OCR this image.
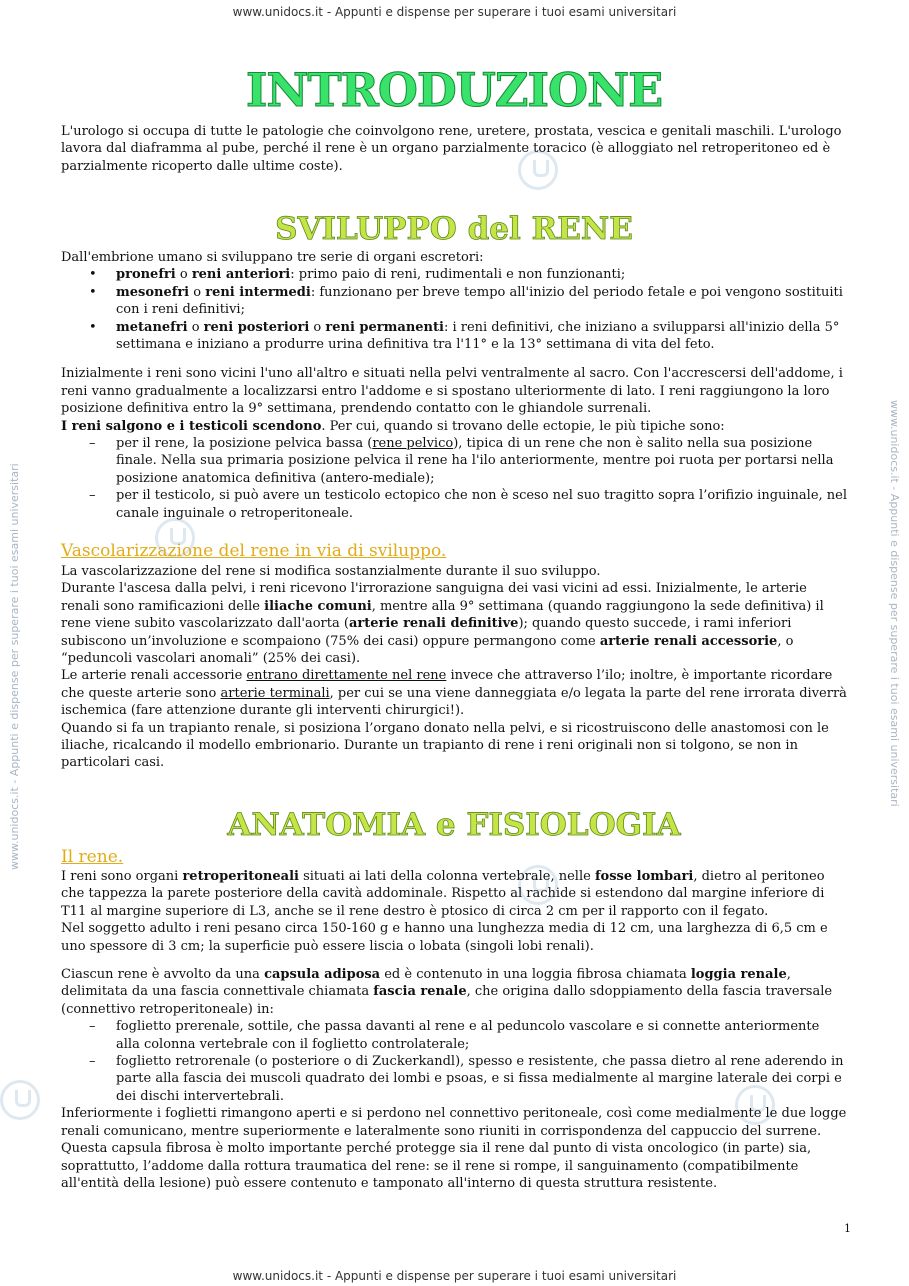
www.unidocs.it - Appunti e dispense per superare i tuoi esami universitari
www.unidocs.it - Appunti e dispense per superare i tuoi esami universitari
www.unidocs.it - Appunti e dispense per superare i tuoi esami universitari	www.unidocs.it - Appunti e dispense per superare i tuoi esami universitari
INTRODUZIONE

L'urologo si occupa di tutte le patologie che coinvolgono rene, uretere, prostata, vescica e genitali maschili. L'urologo lavora dal diaframma al pube, perché il rene è un organo parzialmente toracico (è alloggiato nel retroperitoneo ed è parzialmente ricoperto dalle ultime coste).

SVILUPPO del RENE

Dall'embrione umano si sviluppano tre serie di organi escretori:

• pronefri o reni anteriori: primo paio di reni, rudimentali e non funzionanti;
• mesonefri o reni intermedi: funzionano per breve tempo all'inizio del periodo fetale e poi vengono sostituiti con i reni definitivi;
• metanefri o reni posteriori o reni permanenti: i reni definitivi, che iniziano a svilupparsi all'inizio della 5° settimana e iniziano a produrre urina definitiva tra l'11° e la 13° settimana di vita del feto.

Inizialmente i reni sono vicini l'uno all'altro e situati nella pelvi ventralmente al sacro. Con l'accrescersi dell'addome, i reni vanno gradualmente a localizzarsi entro l'addome e si spostano ulteriormente di lato. I reni raggiungono la loro posizione definitiva entro la 9° settimana, prendendo contatto con le ghiandole surrenali.

I reni salgono e i testicoli scendono. Per cui, quando si trovano delle ectopie, le più tipiche sono:

– per il rene, la posizione pelvica bassa (rene pelvico), tipica di un rene che non è salito nella sua posizione finale. Nella sua primaria posizione pelvica il rene ha l'ilo anteriormente, mentre poi ruota per portarsi nella posizione anatomica definitiva (antero-mediale);
– per il testicolo, si può avere un testicolo ectopico che non è sceso nel suo tragitto sopra l’orifizio inguinale, nel canale inguinale o retroperitoneale.
Vascolarizzazione del rene in via di sviluppo.

La vascolarizzazione del rene si modifica sostanzialmente durante il suo sviluppo.

Durante l'ascesa dalla pelvi, i reni ricevono l'irrorazione sanguigna dei vasi vicini ad essi. Inizialmente, le arterie renali sono ramificazioni delle iliache comuni, mentre alla 9° settimana (quando raggiungono la sede definitiva) il rene viene subito vascolarizzato dall'aorta (arterie renali definitive); quando questo succede, i rami inferiori subiscono un’involuzione e scompaiono (75% dei casi) oppure permangono come arterie renali accessorie, o “peduncoli vascolari anomali” (25% dei casi).

Le arterie renali accessorie entrano direttamente nel rene invece che attraverso l’ilo; inoltre, è importante ricordare che queste arterie sono arterie terminali, per cui se una viene danneggiata e/o legata la parte del rene irrorata diverrà ischemica (fare attenzione durante gli interventi chirurgici!).

Quando si fa un trapianto renale, si posiziona l’organo donato nella pelvi, e si ricostruiscono delle anastomosi con le iliache, ricalcando il modello embrionario. Durante un trapianto di rene i reni originali non si tolgono, se non in particolari casi.

ANATOMIA e FISIOLOGIA
Il rene.

I reni sono organi retroperitoneali situati ai lati della colonna vertebrale, nelle fosse lombari, dietro al peritoneo che tappezza la parete posteriore della cavità addominale. Rispetto al rachide si estendono dal margine inferiore di T11 al margine superiore di L3, anche se il rene destro è ptosico di circa 2 cm per il rapporto con il fegato.

Nel soggetto adulto i reni pesano circa 150-160 g e hanno una lunghezza media di 12 cm, una larghezza di 6,5 cm e uno spessore di 3 cm; la superficie può essere liscia o lobata (singoli lobi renali).

Ciascun rene è avvolto da una capsula adiposa ed è contenuto in una loggia fibrosa chiamata loggia renale, delimitata da una fascia connettivale chiamata fascia renale, che origina dallo sdoppiamento della fascia traversale (connettivo retroperitoneale) in:

– foglietto prerenale, sottile, che passa davanti al rene e al peduncolo vascolare e si connette anteriormente alla colonna vertebrale con il foglietto controlaterale;
– foglietto retrorenale (o posteriore o di Zuckerkandl), spesso e resistente, che passa dietro al rene aderendo in parte alla fascia dei muscoli quadrato dei lombi e psoas, e si fissa medialmente al margine laterale dei corpi e dei dischi intervertebrali.

Inferiormente i foglietti rimangono aperti e si perdono nel connettivo peritoneale, così come medialmente le due logge renali comunicano, mentre superiormente e lateralmente sono riuniti in corrispondenza del cappuccio del surrene.

Questa capsula fibrosa è molto importante perché protegge sia il rene dal punto di vista oncologico (in parte) sia, soprattutto, l’addome dalla rottura traumatica del rene: se il rene si rompe, il sanguinamento (compatibilmente all'entità della lesione) può essere contenuto e tamponato all'interno di questa struttura resistente.

1
